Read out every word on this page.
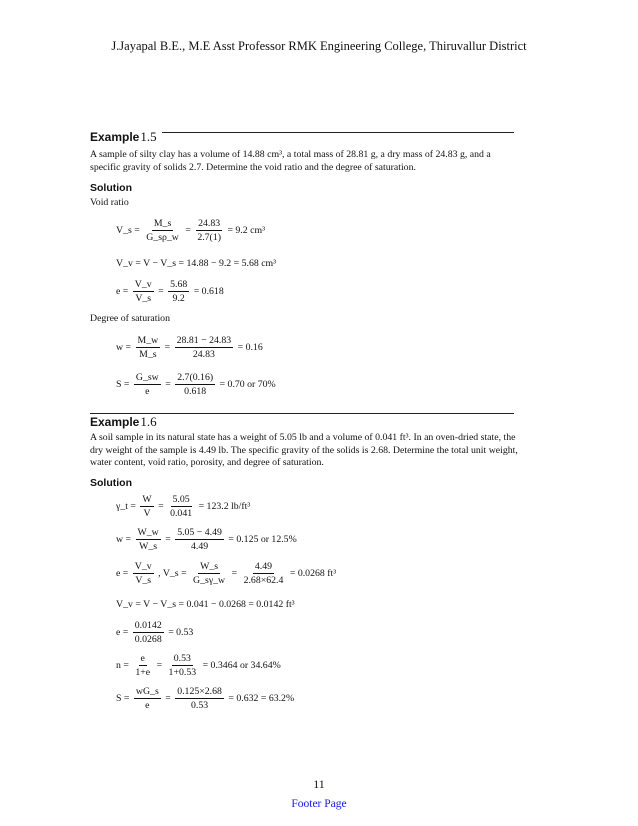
J.Jayapal B.E., M.E Asst Professor RMK Engineering College, Thiruvallur District
Example1.5
A sample of silty clay has a volume of 14.88 cm³, a total mass of 28.81 g, a dry mass of 24.83 g, and a specific gravity of solids 2.7. Determine the void ratio and the degree of saturation.
Solution
Void ratio
V_s = $\frac{M\_s}{G\_s\rho\_w} = \frac{24.83}{2.7(1)} = 9.2$ cm³
V_v = V − V_s = 14.88 − 9.2 = 5.68 cm³
$e = \frac{V\_v}{V\_s} = \frac{5.68}{9.2} = 0.618$
Degree of saturation
$w = \frac{M\_w}{M\_s} = \frac{28.81 - 24.83}{24.83} = 0.16$
$S = \frac{G\_sw}{e} = \frac{2.7(0.16)}{0.618} = 0.70$ or 70%
Example1.6
A soil sample in its natural state has a weight of 5.05 lb and a volume of 0.041 ft³. In an oven-dried state, the dry weight of the sample is 4.49 lb. The specific gravity of the solids is 2.68. Determine the total unit weight, water content, void ratio, porosity, and degree of saturation.
Solution
γ_t = $\frac{W}{V} = \frac{5.05}{0.041} = 123.2$ lb/ft³
$w = \frac{W\_w}{W\_s} = \frac{5.05 - 4.49}{4.49} = 0.125$ or 12.5%
$e = \frac{V\_v}{V\_s}$ , V_s = $\frac{W\_s}{G\_s\gamma\_w} = \frac{4.49}{2.68\times 62.4} = 0.0268$ ft³
V_v = V − V_s = 0.041 − 0.0268 = 0.0142 ft³
$e = \frac{0.0142}{0.0268} = 0.53$
$n = \frac{e}{1+e} = \frac{0.53}{1+0.53} = 0.3464$ or 34.64%
$S = \frac{wG\_s}{e} = \frac{0.125\times 2.68}{0.53} = 0.632 = 63.2\%$
11
Footer Page
